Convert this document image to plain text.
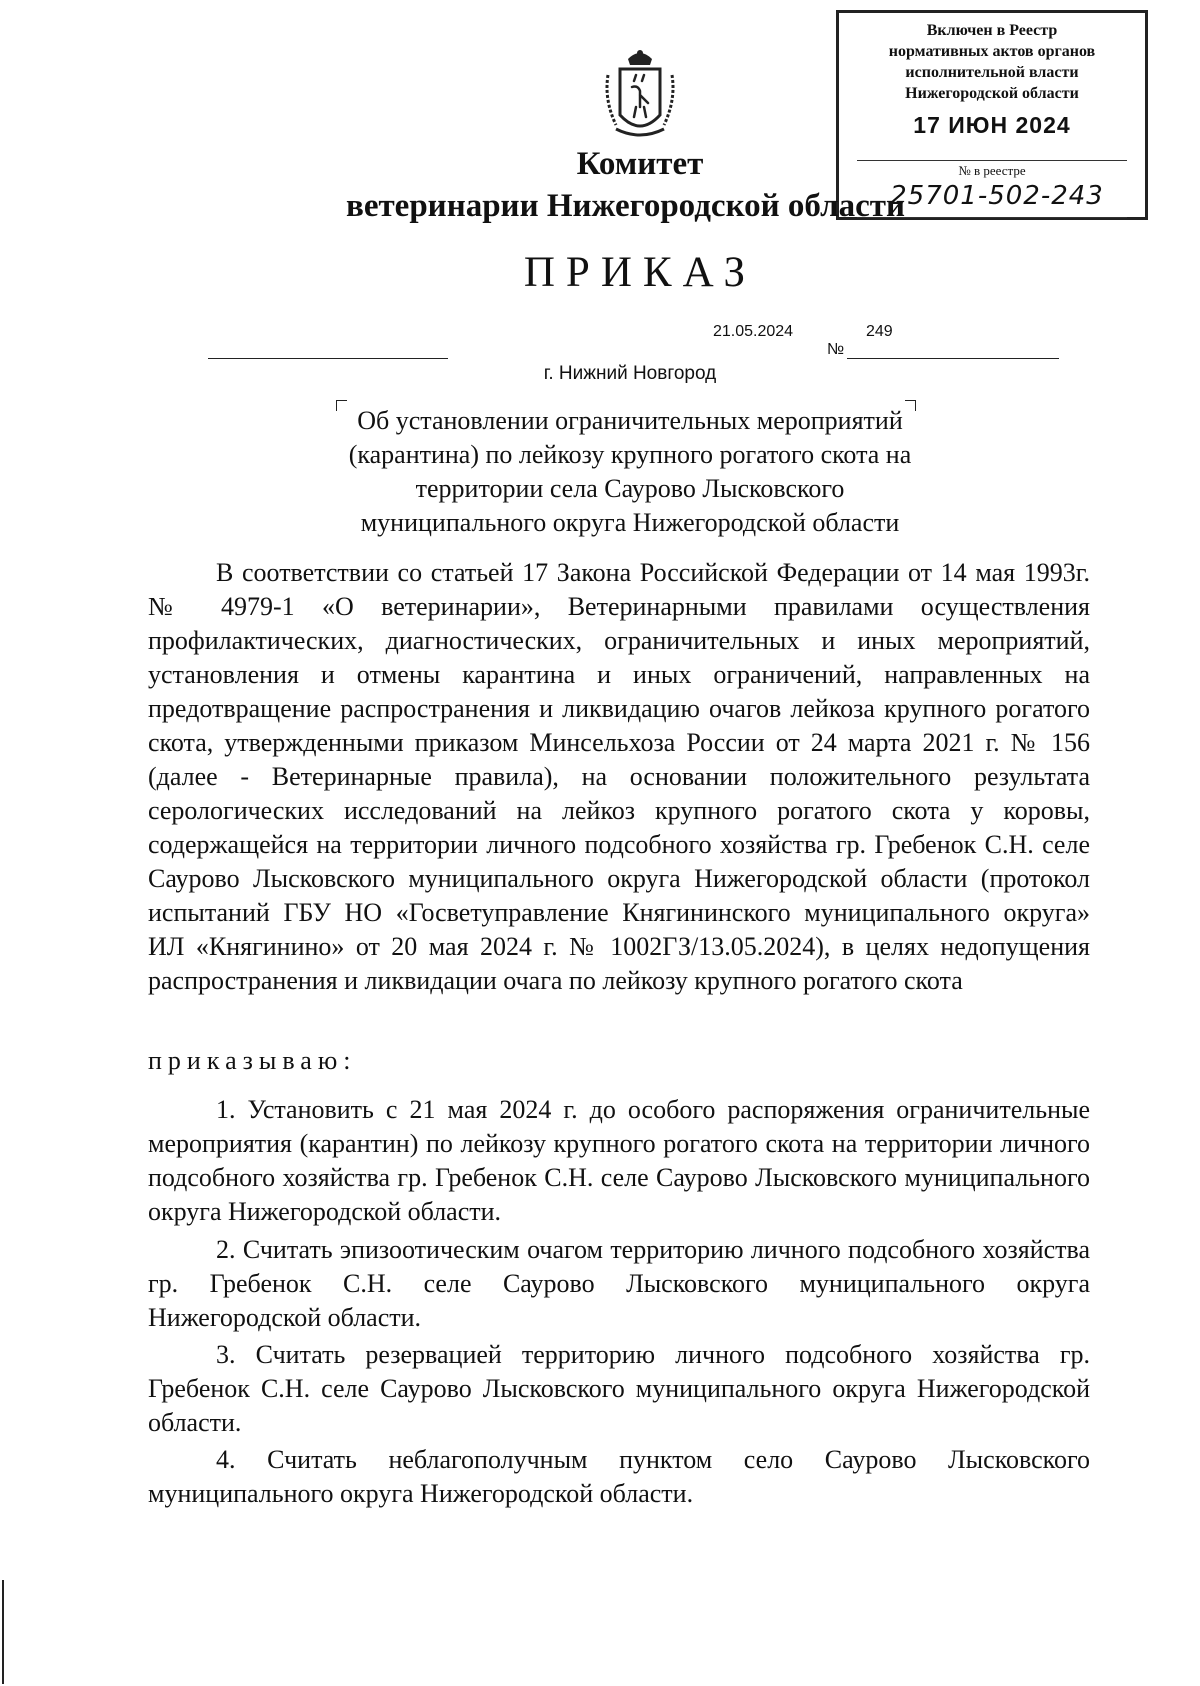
Включен в Реестр
нормативных актов органов
исполнительной власти
Нижегородской области
17 ИЮН 2024
№ в реестре
25701-502-243
Комитет
ветеринарии Нижегородской области
ПРИКАЗ
21.05.2024	249
№
г. Нижний Новгород
Об установлении ограничительных мероприятий (карантина) по лейкозу крупного рогатого скота на территории села Саурово Лысковского муниципального округа Нижегородской области
В соответствии со статьей 17 Закона Российской Федерации от 14 мая 1993г. № 4979-1 «О ветеринарии», Ветеринарными правилами осуществления профилактических, диагностических, ограничительных и иных мероприятий, установления и отмены карантина и иных ограничений, направленных на предотвращение распространения и ликвидацию очагов лейкоза крупного рогатого скота, утвержденными приказом Минсельхоза России от 24 марта 2021 г. № 156 (далее - Ветеринарные правила), на основании положительного результата серологических исследований на лейкоз крупного рогатого скота у коровы, содержащейся на территории личного подсобного хозяйства гр. Гребенок С.Н. селе Саурово Лысковского муниципального округа Нижегородской области (протокол испытаний ГБУ НО «Госветуправление Княгининского муниципального округа» ИЛ «Княгинино» от 20 мая 2024 г. № 1002ГЗ/13.05.2024), в целях недопущения распространения и ликвидации очага по лейкозу крупного рогатого скота
приказываю:
1. Установить с 21 мая 2024 г. до особого распоряжения ограничительные мероприятия (карантин) по лейкозу крупного рогатого скота на территории личного подсобного хозяйства гр. Гребенок С.Н. селе Саурово Лысковского муниципального округа Нижегородской области.
2. Считать эпизоотическим очагом территорию личного подсобного хозяйства гр. Гребенок С.Н. селе Саурово Лысковского муниципального округа Нижегородской области.
3. Считать резервацией территорию личного подсобного хозяйства гр. Гребенок С.Н. селе Саурово Лысковского муниципального округа Нижегородской области.
4. Считать неблагополучным пунктом село Саурово Лысковского муниципального округа Нижегородской области.
